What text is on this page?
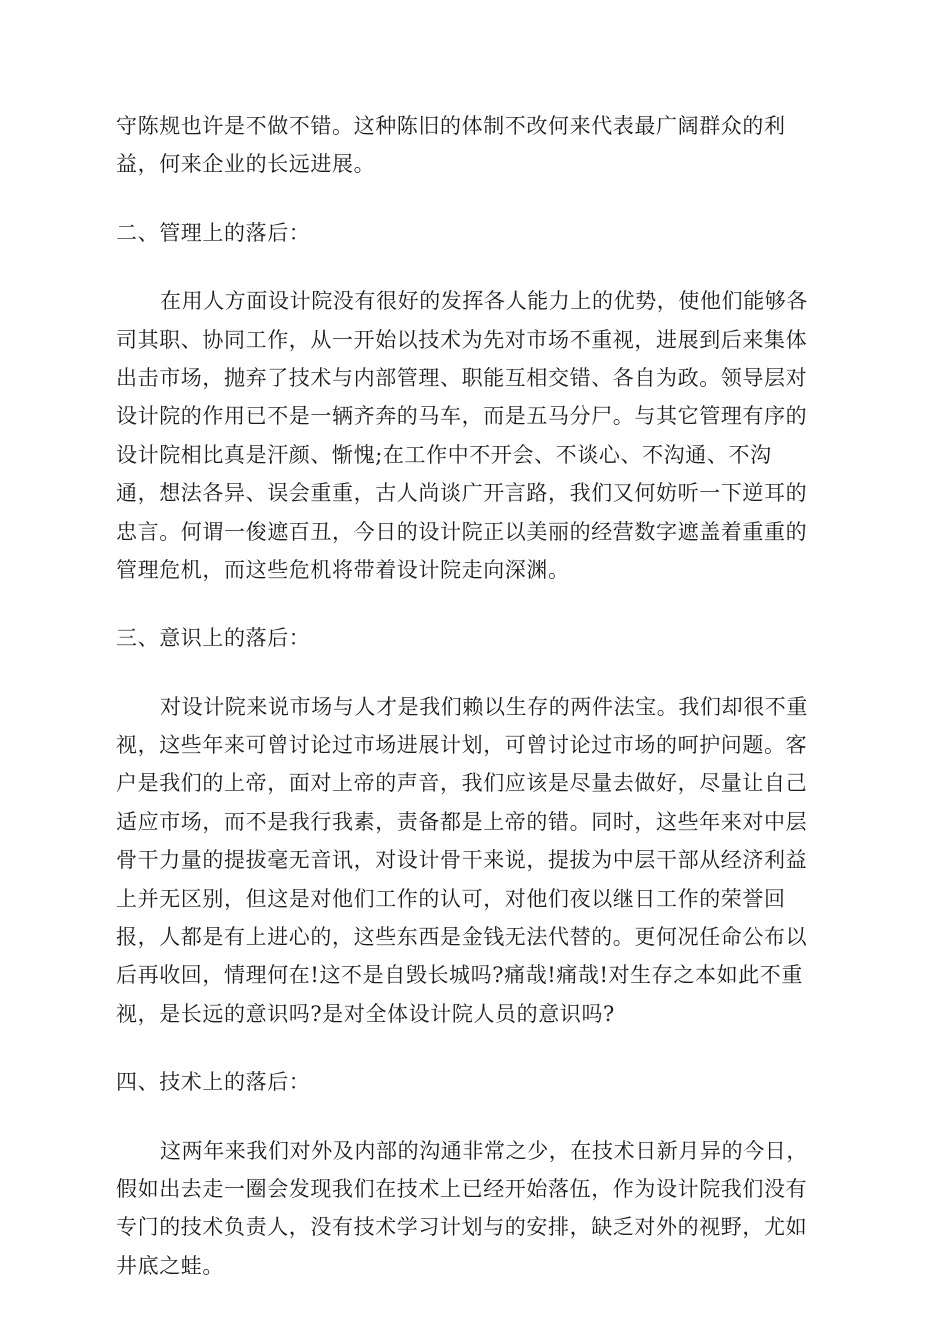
守陈规也许是不做不错。这种陈旧的体制不改何来代表最广阔群众的利
益，何来企业的长远进展。
二、管理上的落后：
在用人方面设计院没有很好的发挥各人能力上的优势，使他们能够各
司其职、协同工作，从一开始以技术为先对市场不重视，进展到后来集体
出击市场，抛弃了技术与内部管理、职能互相交错、各自为政。领导层对
设计院的作用已不是一辆齐奔的马车，而是五马分尸。与其它管理有序的
设计院相比真是汗颜、惭愧;在工作中不开会、不谈心、不沟通、不沟
通，想法各异、误会重重，古人尚谈广开言路，我们又何妨听一下逆耳的
忠言。何谓一俊遮百丑，今日的设计院正以美丽的经营数字遮盖着重重的
管理危机，而这些危机将带着设计院走向深渊。
三、意识上的落后：
对设计院来说市场与人才是我们赖以生存的两件法宝。我们却很不重
视，这些年来可曾讨论过市场进展计划，可曾讨论过市场的呵护问题。客
户是我们的上帝，面对上帝的声音，我们应该是尽量去做好，尽量让自己
适应市场，而不是我行我素，责备都是上帝的错。同时，这些年来对中层
骨干力量的提拔毫无音讯，对设计骨干来说，提拔为中层干部从经济利益
上并无区别，但这是对他们工作的认可，对他们夜以继日工作的荣誉回
报，人都是有上进心的，这些东西是金钱无法代替的。更何况任命公布以
后再收回，情理何在!这不是自毁长城吗?痛哉!痛哉!对生存之本如此不重
视，是长远的意识吗?是对全体设计院人员的意识吗?
四、技术上的落后：
这两年来我们对外及内部的沟通非常之少，在技术日新月异的今日，
假如出去走一圈会发现我们在技术上已经开始落伍，作为设计院我们没有
专门的技术负责人，没有技术学习计划与的安排，缺乏对外的视野，尤如
井底之蛙。
